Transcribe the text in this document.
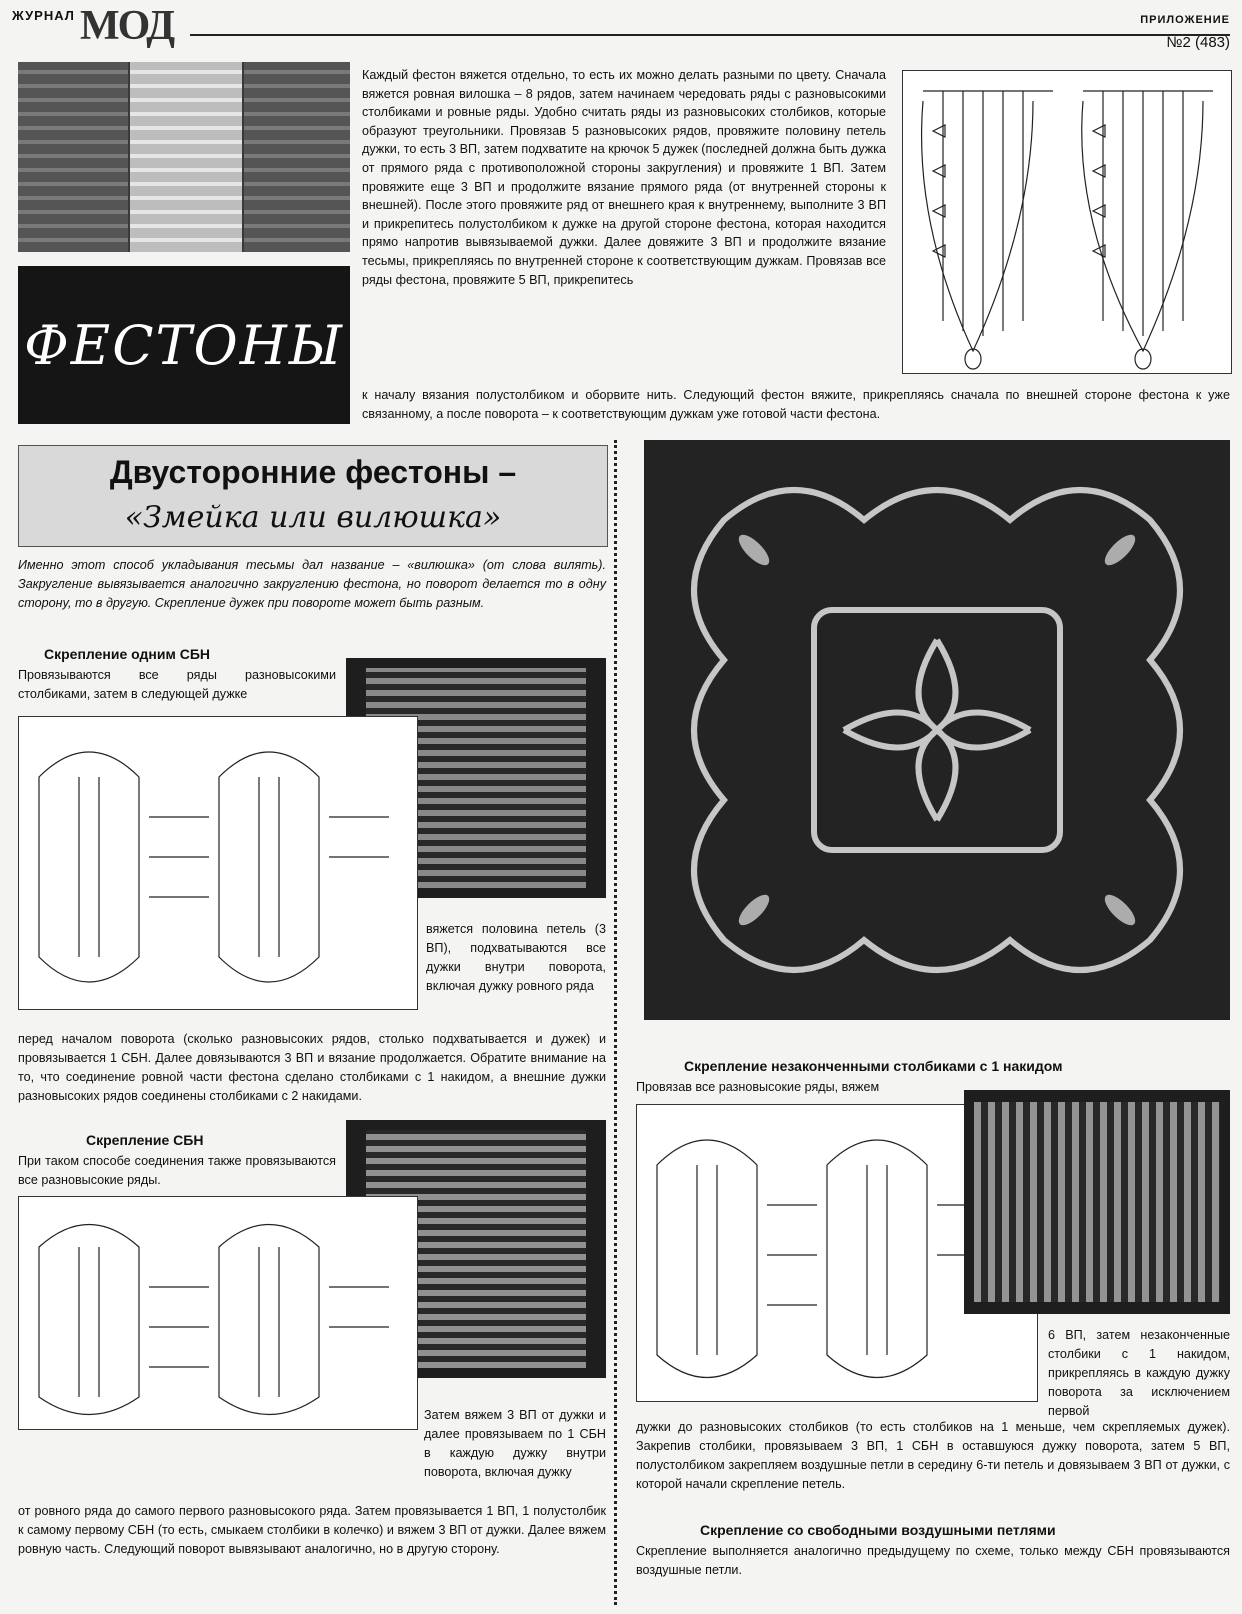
ЖУРНАЛ МОД	ПРИЛОЖЕНИЕ
№2 (483)
ФЕСТОНЫ
Каждый фестон вяжется отдельно, то есть их можно делать разными по цвету. Сначала вяжется ровная вилошка – 8 рядов, затем начинаем чередовать ряды с разновысокими столбиками и ровные ряды. Удобно считать ряды из разновысоких столбиков, которые образуют треугольники. Провязав 5 разновысоких рядов, провяжите половину петель дужки, то есть 3 ВП, затем подхватите на крючок 5 дужек (последней должна быть дужка от прямого ряда с противоположной стороны закругления) и провяжите 1 ВП. Затем провяжите еще 3 ВП и продолжите вязание прямого ряда (от внутренней стороны к внешней). После этого провяжите ряд от внешнего края к внутреннему, выполните 3 ВП и прикрепитесь полустолбиком к дужке на другой стороне фестона, которая находится прямо напротив вывязываемой дужки. Далее довяжите 3 ВП и продолжите вязание тесьмы, прикрепляясь по внутренней стороне к соответствующим дужкам. Провязав все ряды фестона, провяжите 5 ВП, прикрепитесь
к началу вязания полустолбиком и оборвите нить. Следующий фестон вяжите, прикрепляясь сначала по внешней стороне фестона к уже связанному, а после поворота – к соответствующим дужкам уже готовой части фестона.
Двусторонние фестоны –
«Змейка или вилюшка»
Именно этот способ укладывания тесьмы дал название – «вилюшка» (от слова вилять). Закругление вывязывается аналогично закруглению фестона, но поворот делается то в одну сторону, то в другую. Скрепление дужек при повороте может быть разным.
Скрепление одним СБН
Провязываются все ряды разновысокими столбиками, затем в следующей дужке
вяжется половина петель (3 ВП), подхватываются все дужки внутри поворота, включая дужку ровного ряда
перед началом поворота (сколько разновысоких рядов, столько подхватывается и дужек) и провязывается 1 СБН. Далее довязываются 3 ВП и вязание продолжается. Обратите внимание на то, что соединение ровной части фестона сделано столбиками с 1 накидом, а внешние дужки разновысоких рядов соединены столбиками с 2 накидами.
Скрепление СБН
При таком способе соединения также провязываются все разновысокие ряды.
Затем вяжем 3 ВП от дужки и далее провязываем по 1 СБН в каждую дужку внутри поворота, включая дужку
от ровного ряда до самого первого разновысокого ряда. Затем провязывается 1 ВП, 1 полустолбик к самому первому СБН (то есть, смыкаем столбики в колечко) и вяжем 3 ВП от дужки. Далее вяжем ровную часть. Следующий поворот вывязывают аналогично, но в другую сторону.
Скрепление незаконченными столбиками с 1 накидом
Провязав все разновысокие ряды, вяжем
6 ВП, затем незаконченные столбики с 1 накидом, прикрепляясь в каждую дужку поворота за исключением первой
дужки до разновысоких столбиков (то есть столбиков на 1 меньше, чем скрепляемых дужек). Закрепив столбики, провязываем 3 ВП, 1 СБН в оставшуюся дужку поворота, затем 5 ВП, полустолбиком закрепляем воздушные петли в середину 6-ти петель и довязываем 3 ВП от дужки, с которой начали скрепление петель.
Скрепление со свободными воздушными петлями
Скрепление выполняется аналогично предыдущему по схеме, только между СБН провязываются воздушные петли.
